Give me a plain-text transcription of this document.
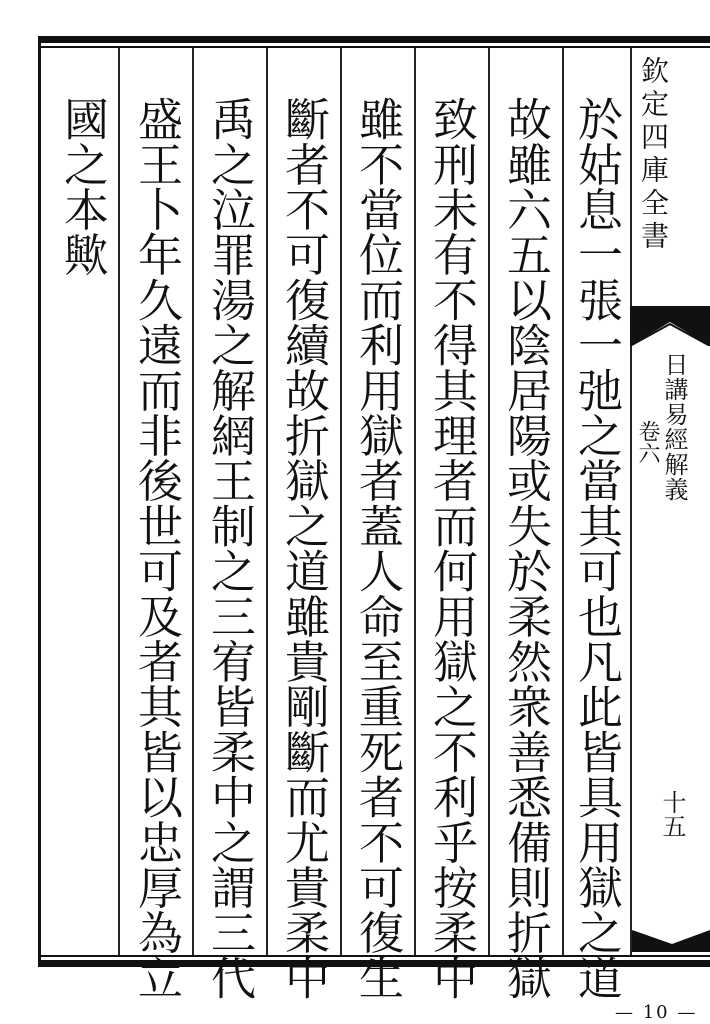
於姑息一張一弛之當其可也凡此皆具用獄之道
故雖六五以陰居陽或失於柔然衆善悉備則折獄
致刑未有不得其理者而何用獄之不利乎按柔中
雖不當位而利用獄者蓋人命至重死者不可復生
斷者不可復續故折獄之道雖貴剛斷而尤貴柔中
禹之泣罪湯之解網王制之三宥皆柔中之謂三代
盛王卜年久遠而非後世可及者其皆以忠厚為立
國之本歟	欽定四庫全書
日講易經解義
卷六
十五
— 10 —
